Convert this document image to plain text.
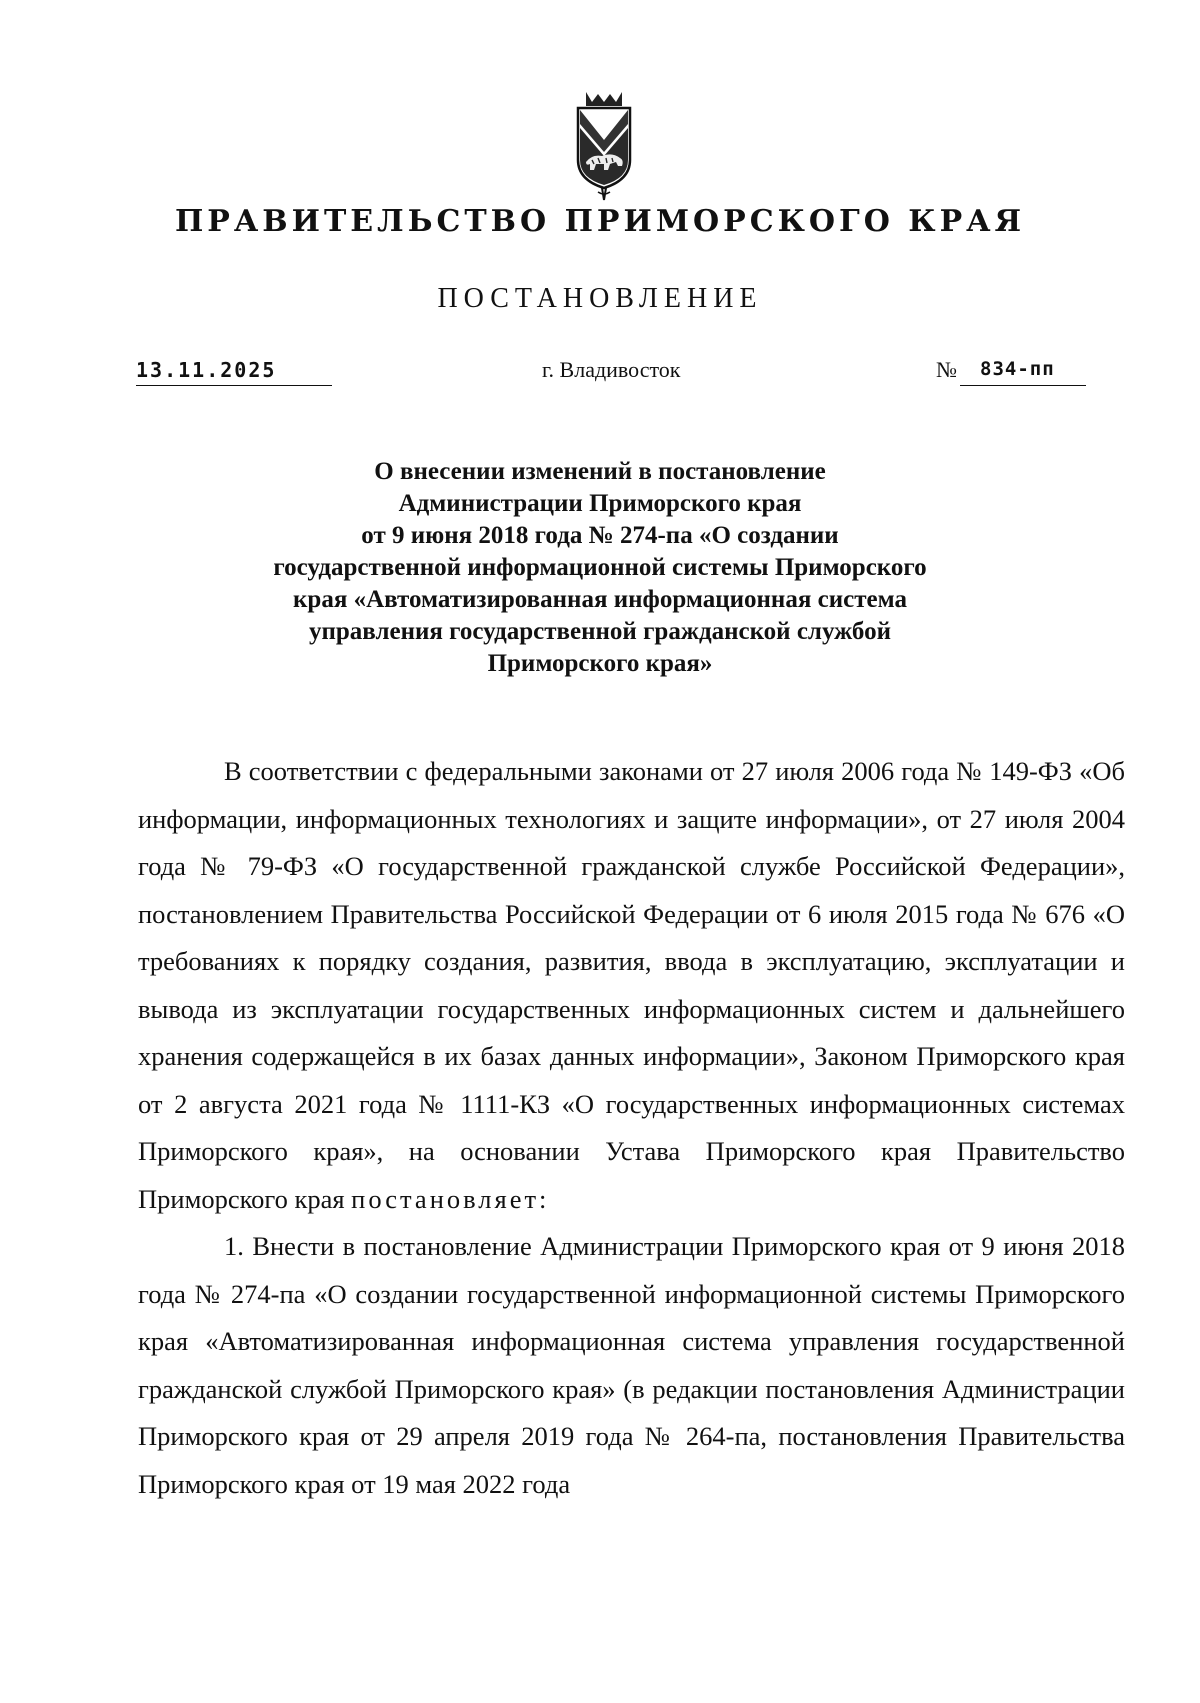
ПРАВИТЕЛЬСТВО ПРИМОРСКОГО КРАЯ
ПОСТАНОВЛЕНИЕ
13.11.2025	г. Владивосток	№ 834-пп
О внесении изменений в постановление
Администрации Приморского края
от 9 июня 2018 года № 274-па «О создании
государственной информационной системы Приморского
края «Автоматизированная информационная система
управления государственной гражданской службой
Приморского края»

В соответствии с федеральными законами от 27 июля 2006 года № 149-ФЗ «Об информации, информационных технологиях и защите информации», от 27 июля 2004 года № 79-ФЗ «О государственной гражданской службе Российской Федерации», постановлением Правительства Российской Федерации от 6 июля 2015 года № 676 «О требованиях к порядку создания, развития, ввода в эксплуатацию, эксплуатации и вывода из эксплуатации государственных информационных систем и дальнейшего хранения содержащейся в их базах данных информации», Законом Приморского края от 2 августа 2021 года № 1111-КЗ «О государственных информационных системах Приморского края», на основании Устава Приморского края Правительство Приморского края постановляет:

1. Внести в постановление Администрации Приморского края от 9 июня 2018 года № 274-па «О создании государственной информационной системы Приморского края «Автоматизированная информационная система управления государственной гражданской службой Приморского края» (в редакции постановления Администрации Приморского края от 29 апреля 2019 года № 264-па, постановления Правительства Приморского края от 19 мая 2022 года
